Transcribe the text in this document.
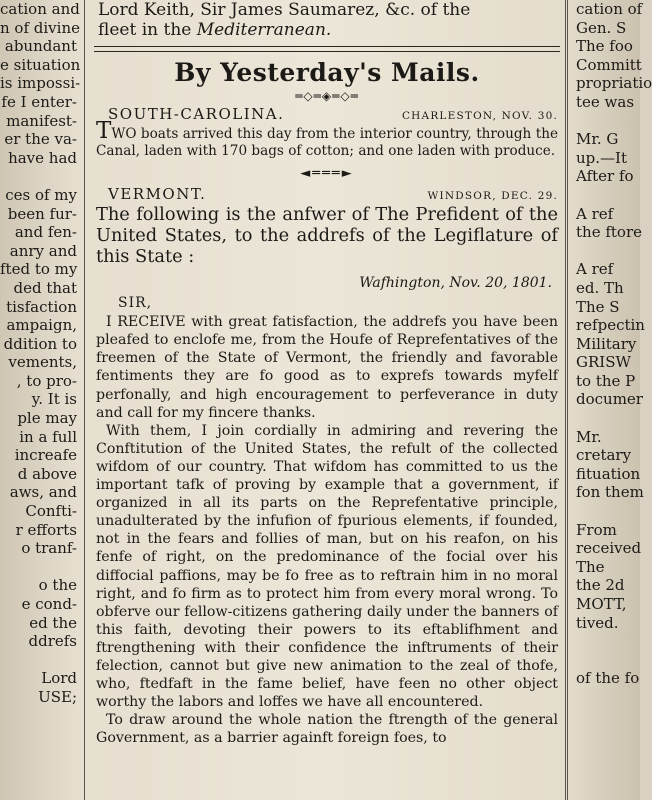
cation and
n of divine
abundant
e situation
is impossi-
fe I enter-
manifest-
er the va-
have had

ces of my
been fur-
and fen-
anry and
fted to my
ded that
tisfaction
ampaign,
ddition to
vements,
, to pro-
y. It is
ple may
in a full
increafe
d above
aws, and
Confti-
r efforts
o tranf-

o the
e cond-
ed the
ddrefs

Lord
USE;
Lord Keith, Sir James Saumarez, &c. of the
fleet in the Mediterranean.
By Yesterday's Mails.
═◇═◈═◇═
SOUTH-CAROLINA.	CHARLESTON, NOV. 30.
TWO boats arrived this day from the interior country, through the Canal, laden with 170 bags of cotton; and one laden with produce.
◄═══►
VERMONT.	WINDSOR, DEC. 29.
The following is the anfwer of The Prefident of the United States, to the addrefs of the Legiflature of this State :
Wafhington, Nov. 20, 1801.
SIR,
I RECEIVE with great fatisfaction, the addrefs you have been pleafed to enclofe me, from the Houfe of Reprefentatives of the freemen of the State of Vermont, the friendly and favorable fentiments they are fo good as to exprefs towards myfelf perfonally, and high encouragement to perfeverance in duty and call for my fincere thanks.
With them, I join cordially in admiring and revering the Conftitution of the United States, the refult of the collected wifdom of our country. That wifdom has committed to us the important tafk of proving by example that a government, if organized in all its parts on the Reprefentative principle, unadulterated by the infufion of fpurious elements, if founded, not in the fears and follies of man, but on his reafon, on his fenfe of right, on the predominance of the focial over his diffocial paffions, may be fo free as to reftrain him in no moral right, and fo firm as to protect him from every moral wrong. To obferve our fellow-citizens gathering daily under the banners of this faith, devoting their powers to its eftablifhment and ftrengthening with their confidence the inftruments of their felection, cannot but give new animation to the zeal of thofe, who, ftedfaft in the fame belief, have feen no other object worthy the labors and loffes we have all encountered.
To draw around the whole nation the ftrength of the general Government, as a barrier againft foreign foes, to
cation of
Gen. S
The foo
Committ
propriatio
tee was

Mr. G
up.—It
After fo

A ref
the ftore

A ref
ed. Th
The S
refpectin
Military
GRISW
to the P
documer

Mr.
cretary
fituation
fon them

From
received
The
the 2d
MOTT,
tived.

of the fo
